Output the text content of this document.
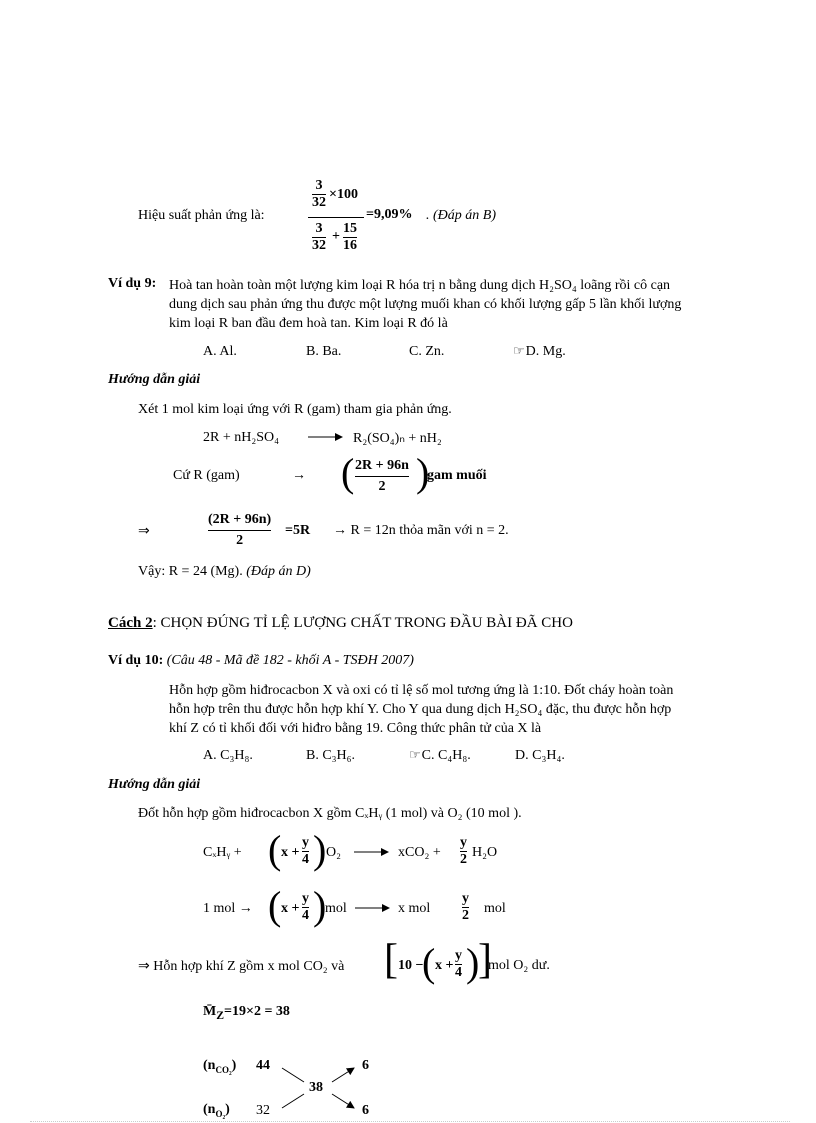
Hiệu suất phản ứng là:
3
32
×100
3
32
+
15
16
=9,09% . (Đáp án B)
Ví dụ 9: Hoà tan hoàn toàn một lượng kim loại R hóa trị n bằng dung dịch H₂SO₄ loãng rồi cô cạn
dung dịch sau phản ứng thu được một lượng muối khan có khối lượng gấp 5 lần khối lượng
kim loại R ban đầu đem hoà tan. Kim loại R đó là
A. Al.	B. Ba.	C. Zn.	☞D. Mg.
Hướng dẫn giải
Xét 1 mol kim loại ứng với R (gam) tham gia phản ứng.
2R + nH₂SO₄	R₂(SO₄)ₙ + nH₂
Cứ R (gam)	→ ( 2R + 96n
2 )
gam muối
⇒
(2R + 96n)
2
=5R → R = 12n thỏa mãn với n = 2.
Vậy: R = 24 (Mg). (Đáp án D)
Cách 2: CHỌN ĐÚNG TỈ LỆ LƯỢNG CHẤT TRONG ĐẦU BÀI ĐÃ CHO
Ví dụ 10: (Câu 48 - Mã đề 182 - khối A - TSĐH 2007)
Hỗn hợp gồm hiđrocacbon X và oxi có tỉ lệ số mol tương ứng là 1:10. Đốt cháy hoàn toàn
hỗn hợp trên thu được hỗn hợp khí Y. Cho Y qua dung dịch H₂SO₄ đặc, thu được hỗn hợp
khí Z có tỉ khối đối với hiđro bằng 19. Công thức phân tử của X là
A. C₃H₈.	B. C₃H₆.	☞C. C₄H₈.	D. C₃H₄.
Hướng dẫn giải
Đốt hỗn hợp gồm hiđrocacbon X gồm CₓHᵧ (1 mol) và O₂ (10 mol ).
CₓHᵧ + ( x +
y
4 ) O₂	xCO₂ +
y
2 H₂O
1 mol → ( x +
y
4 )
mol	x mol
y
2 mol
⇒ Hỗn hợp khí Z gồm x mol CO₂ và [ 10 −
( x +
y
4 )
]
mol O₂ dư.
$M̄_Z=19\times 2 = 38$
$(n_{CO_2})$ 44
38
6
$(n_{O_2})$ 32	6
